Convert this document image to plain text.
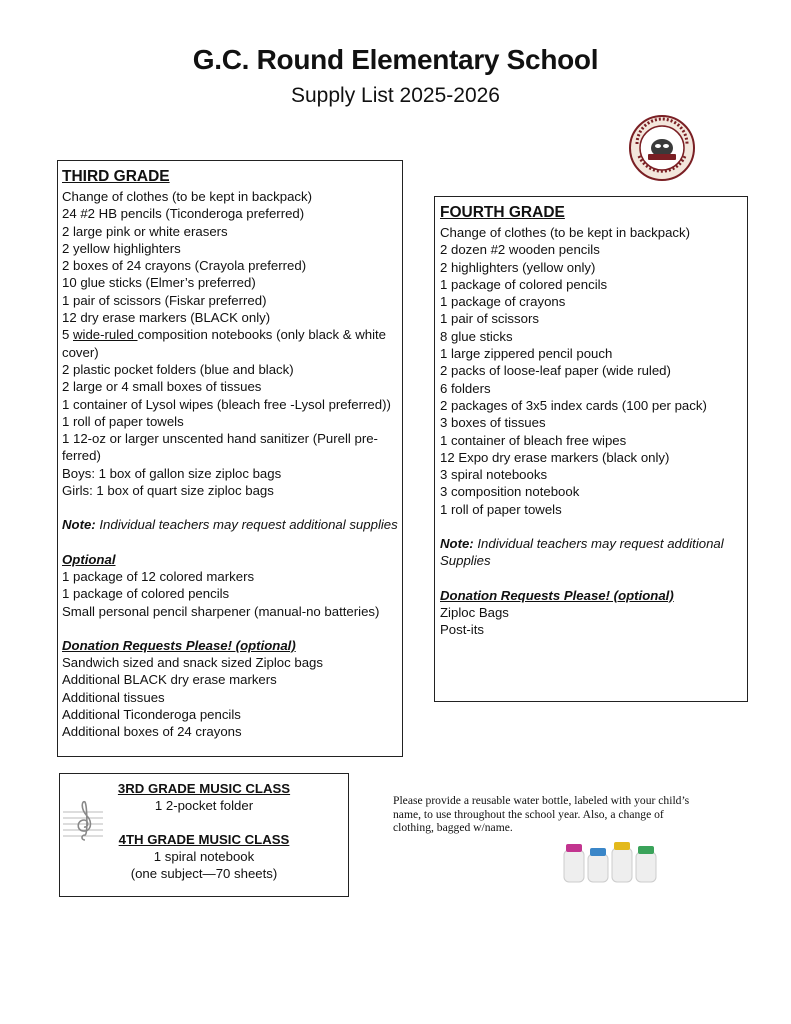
G.C. Round Elementary School
Supply List 2025-2026
THIRD GRADE
Change of clothes (to be kept in backpack)
24 #2 HB pencils (Ticonderoga preferred)
2 large pink or white erasers
2 yellow highlighters
2 boxes of 24 crayons (Crayola preferred)
10 glue sticks (Elmer’s preferred)
1 pair of scissors (Fiskar preferred)
12 dry erase markers (BLACK only)
5 wide-ruled composition notebooks (only black & white cover)
2 plastic pocket folders (blue and black)
2 large or 4 small boxes of tissues
1 container of Lysol wipes (bleach free -Lysol preferred))
1 roll of paper towels
1 12-oz or larger unscented hand sanitizer (Purell pre-ferred)
Boys: 1 box of gallon size ziploc bags
Girls: 1 box of quart size ziploc bags
Note: Individual teachers may request additional supplies
Optional
1 package of 12 colored markers
1 package of colored pencils
Small personal pencil sharpener (manual-no batteries)
Donation Requests Please! (optional)
Sandwich sized and snack sized Ziploc bags
Additional BLACK dry erase markers
Additional tissues
Additional Ticonderoga pencils
Additional boxes of 24 crayons
FOURTH GRADE
Change of clothes (to be kept in backpack)
2 dozen #2 wooden pencils
2 highlighters (yellow only)
1 package of colored pencils
1 package of crayons
1 pair of scissors
8 glue sticks
1 large zippered pencil pouch
2 packs of loose-leaf paper (wide ruled)
6 folders
2 packages of 3x5 index cards (100 per pack)
3 boxes of tissues
1 container of bleach free wipes
12 Expo dry erase markers (black only)
3 spiral notebooks
3 composition notebook
1 roll of paper towels
Note: Individual teachers may request additional Supplies
Donation Requests Please! (optional)
Ziploc Bags
Post-its
3RD GRADE MUSIC CLASS
1 2-pocket folder
4TH GRADE MUSIC CLASS
1 spiral notebook
(one subject—70 sheets)
Please provide a reusable water bottle, labeled with your child’s name, to use throughout the school year. Also, a change of clothing, bagged w/name.
